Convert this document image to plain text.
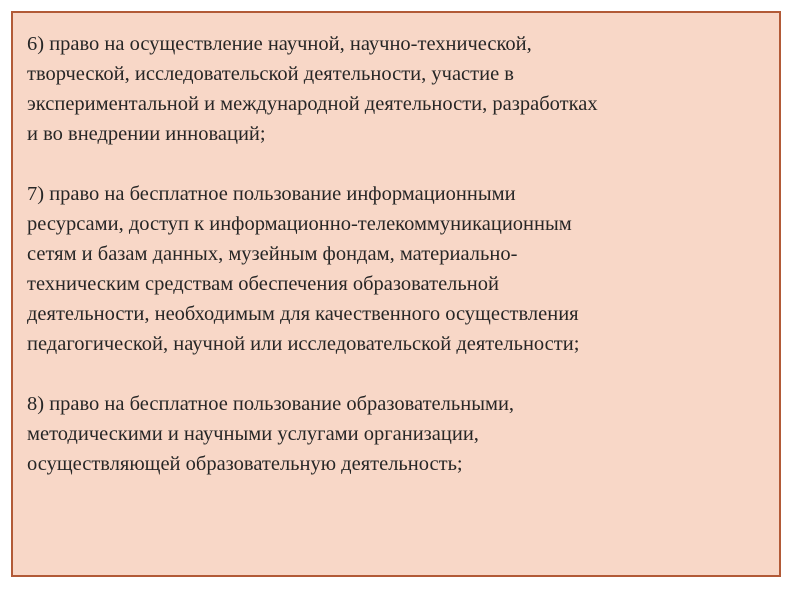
6) право на осуществление научной, научно-технической,
творческой, исследовательской деятельности, участие в
экспериментальной и международной деятельности, разработках
и во внедрении инноваций;

7) право на бесплатное пользование информационными
ресурсами, доступ к информационно-телекоммуникационным
сетям и базам данных, музейным фондам, материально-
техническим средствам обеспечения образовательной
деятельности, необходимым для качественного осуществления
педагогической, научной или исследовательской деятельности;

8) право на бесплатное пользование образовательными,
методическими и научными услугами организации,
осуществляющей образовательную деятельность;
